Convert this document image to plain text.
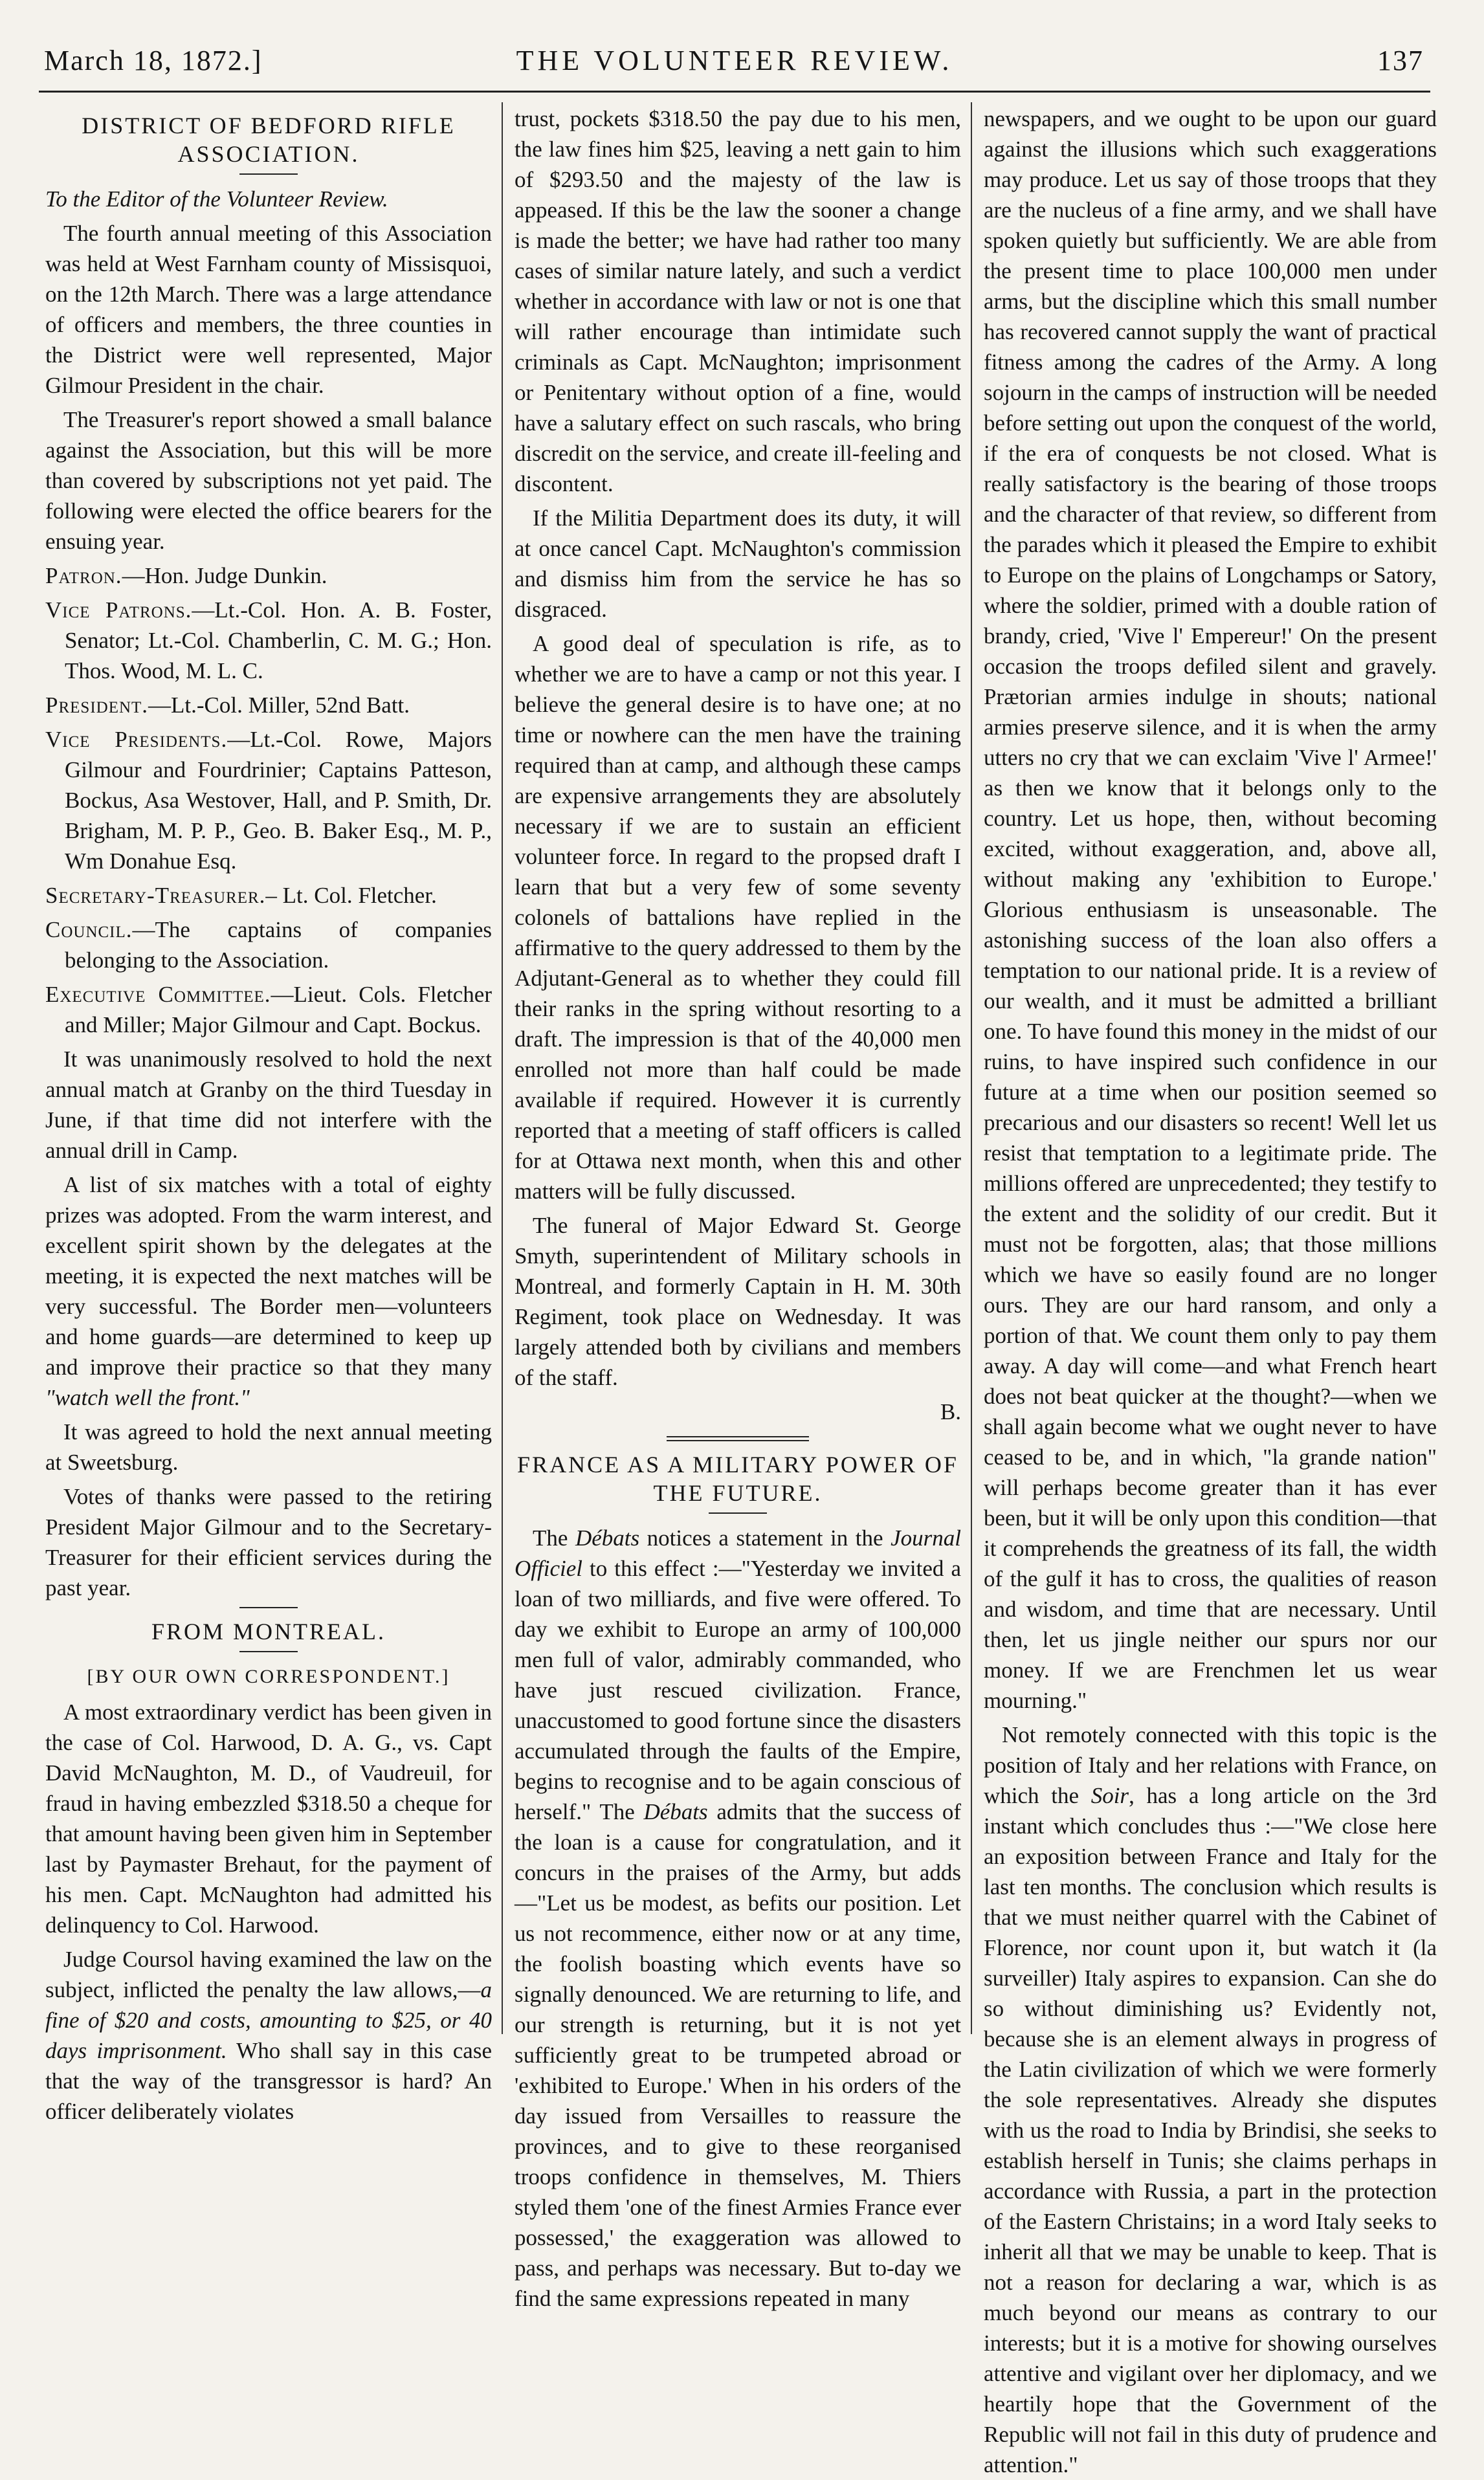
THE VOLUNTEER REVIEW.
March 18, 1872.]	137
DISTRICT OF BEDFORD RIFLE ASSOCIATION.

To the Editor of the Volunteer Review.

The fourth annual meeting of this Association was held at West Farnham county of Missisquoi, on the 12th March. There was a large attendance of officers and members, the three counties in the District were well represented, Major Gilmour President in the chair.

The Treasurer's report showed a small balance against the Association, but this will be more than covered by subscriptions not yet paid. The following were elected the office bearers for the ensuing year.

Patron.—Hon. Judge Dunkin.

Vice Patrons.—Lt.-Col. Hon. A. B. Foster, Senator; Lt.-Col. Chamberlin, C. M. G.; Hon. Thos. Wood, M. L. C.

President.—Lt.-Col. Miller, 52nd Batt.

Vice Presidents.—Lt.-Col. Rowe, Majors Gilmour and Fourdrinier; Captains Patteson, Bockus, Asa Westover, Hall, and P. Smith, Dr. Brigham, M. P. P., Geo. B. Baker Esq., M. P., Wm Donahue Esq.

Secretary-Treasurer.– Lt. Col. Fletcher.

Council.—The captains of companies belonging to the Association.

Executive Committee.—Lieut. Cols. Fletcher and Miller; Major Gilmour and Capt. Bockus.

It was unanimously resolved to hold the next annual match at Granby on the third Tuesday in June, if that time did not interfere with the annual drill in Camp.

A list of six matches with a total of eighty prizes was adopted. From the warm interest, and excellent spirit shown by the delegates at the meeting, it is expected the next matches will be very successful. The Border men—volunteers and home guards—are determined to keep up and improve their practice so that they many "watch well the front."

It was agreed to hold the next annual meeting at Sweetsburg.

Votes of thanks were passed to the retiring President Major Gilmour and to the Secretary-Treasurer for their efficient services during the past year.

FROM MONTREAL.
[BY OUR OWN CORRESPONDENT.]

A most extraordinary verdict has been given in the case of Col. Harwood, D. A. G., vs. Capt David McNaughton, M. D., of Vaudreuil, for fraud in having embezzled $318.50 a cheque for that amount having been given him in September last by Paymaster Brehaut, for the payment of his men. Capt. McNaughton had admitted his delinquency to Col. Harwood.

Judge Coursol having examined the law on the subject, inflicted the penalty the law allows,—a fine of $20 and costs, amounting to $25, or 40 days imprisonment. Who shall say in this case that the way of the transgressor is hard? An officer deliberately violates

trust, pockets $318.50 the pay due to his men, the law fines him $25, leaving a nett gain to him of $293.50 and the majesty of the law is appeased. If this be the law the sooner a change is made the better; we have had rather too many cases of similar nature lately, and such a verdict whether in accordance with law or not is one that will rather encourage than intimidate such criminals as Capt. McNaughton; imprisonment or Penitentary without option of a fine, would have a salutary effect on such rascals, who bring discredit on the service, and create ill-feeling and discontent.

If the Militia Department does its duty, it will at once cancel Capt. McNaughton's commission and dismiss him from the service he has so disgraced.

A good deal of speculation is rife, as to whether we are to have a camp or not this year. I believe the general desire is to have one; at no time or nowhere can the men have the training required than at camp, and although these camps are expensive arrangements they are absolutely necessary if we are to sustain an efficient volunteer force. In regard to the propsed draft I learn that but a very few of some seventy colonels of battalions have replied in the affirmative to the query addressed to them by the Adjutant-General as to whether they could fill their ranks in the spring without resorting to a draft. The impression is that of the 40,000 men enrolled not more than half could be made available if required. However it is currently reported that a meeting of staff officers is called for at Ottawa next month, when this and other matters will be fully discussed.

The funeral of Major Edward St. George Smyth, superintendent of Military schools in Montreal, and formerly Captain in H. M. 30th Regiment, took place on Wednesday. It was largely attended both by civilians and members of the staff.

B.

FRANCE AS A MILITARY POWER OF THE FUTURE.

The Débats notices a statement in the Journal Officiel to this effect :—"Yesterday we invited a loan of two milliards, and five were offered. To day we exhibit to Europe an army of 100,000 men full of valor, admirably commanded, who have just rescued civilization. France, unaccustomed to good fortune since the disasters accumulated through the faults of the Empire, begins to recognise and to be again conscious of herself." The Débats admits that the success of the loan is a cause for congratulation, and it concurs in the praises of the Army, but adds—"Let us be modest, as befits our position. Let us not recommence, either now or at any time, the foolish boasting which events have so signally denounced. We are returning to life, and our strength is returning, but it is not yet sufficiently great to be trumpeted abroad or 'exhibited to Europe.' When in his orders of the day issued from Versailles to reassure the provinces, and to give to these reorganised troops confidence in themselves, M. Thiers styled them 'one of the finest Armies France ever possessed,' the exaggeration was allowed to pass, and perhaps was necessary. But to-day we find the same expressions repeated in many

newspapers, and we ought to be upon our guard against the illusions which such exaggerations may produce. Let us say of those troops that they are the nucleus of a fine army, and we shall have spoken quietly but sufficiently. We are able from the present time to place 100,000 men under arms, but the discipline which this small number has recovered cannot supply the want of practical fitness among the cadres of the Army. A long sojourn in the camps of instruction will be needed before setting out upon the conquest of the world, if the era of conquests be not closed. What is really satisfactory is the bearing of those troops and the character of that review, so different from the parades which it pleased the Empire to exhibit to Europe on the plains of Longchamps or Satory, where the soldier, primed with a double ration of brandy, cried, 'Vive l' Empereur!' On the present occasion the troops defiled silent and gravely. Prætorian armies indulge in shouts; national armies preserve silence, and it is when the army utters no cry that we can exclaim 'Vive l' Armee!' as then we know that it belongs only to the country. Let us hope, then, without becoming excited, without exaggeration, and, above all, without making any 'exhibition to Europe.' Glorious enthusiasm is unseasonable. The astonishing success of the loan also offers a temptation to our national pride. It is a review of our wealth, and it must be admitted a brilliant one. To have found this money in the midst of our ruins, to have inspired such confidence in our future at a time when our position seemed so precarious and our disasters so recent! Well let us resist that temptation to a legitimate pride. The millions offered are unprecedented; they testify to the extent and the solidity of our credit. But it must not be forgotten, alas; that those millions which we have so easily found are no longer ours. They are our hard ransom, and only a portion of that. We count them only to pay them away. A day will come—and what French heart does not beat quicker at the thought?—when we shall again become what we ought never to have ceased to be, and in which, "la grande nation" will perhaps become greater than it has ever been, but it will be only upon this condition—that it comprehends the greatness of its fall, the width of the gulf it has to cross, the qualities of reason and wisdom, and time that are necessary. Until then, let us jingle neither our spurs nor our money. If we are Frenchmen let us wear mourning."

Not remotely connected with this topic is the position of Italy and her relations with France, on which the Soir, has a long article on the 3rd instant which concludes thus :—"We close here an exposition between France and Italy for the last ten months. The conclusion which results is that we must neither quarrel with the Cabinet of Florence, nor count upon it, but watch it (la surveiller) Italy aspires to expansion. Can she do so without diminishing us? Evidently not, because she is an element always in progress of the Latin civilization of which we were formerly the sole representatives. Already she disputes with us the road to India by Brindisi, she seeks to establish herself in Tunis; she claims perhaps in accordance with Russia, a part in the protection of the Eastern Christains; in a word Italy seeks to inherit all that we may be unable to keep. That is not a reason for declaring a war, which is as much beyond our means as contrary to our interests; but it is a motive for showing ourselves attentive and vigilant over her diplomacy, and we heartily hope that the Government of the Republic will not fail in this duty of prudence and attention."
